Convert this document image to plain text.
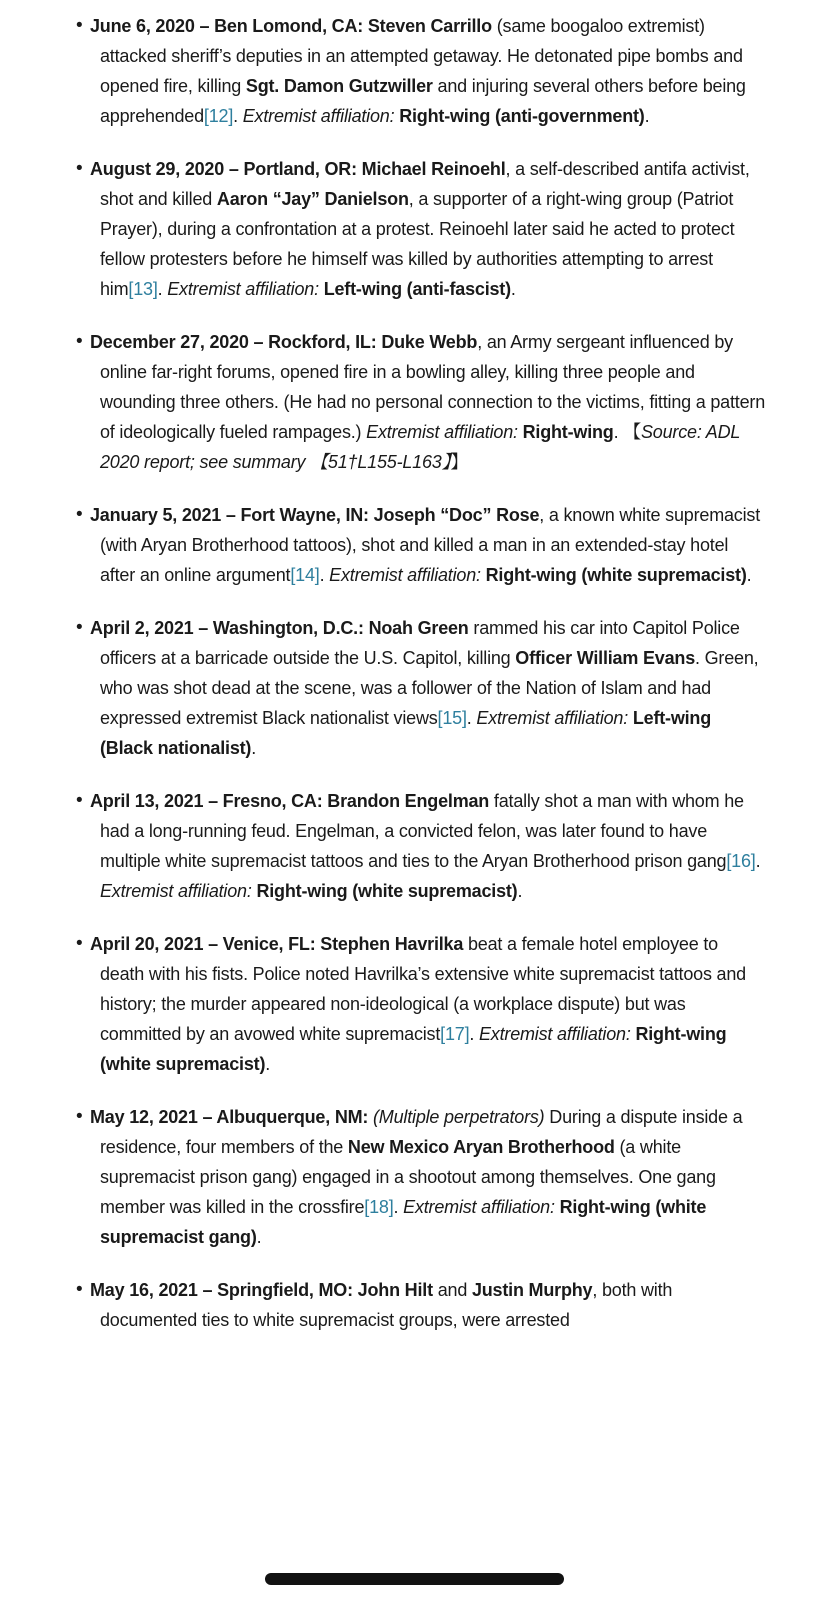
• June 6, 2020 – Ben Lomond, CA: Steven Carrillo (same boogaloo extremist) attacked sheriff’s deputies in an attempted getaway. He detonated pipe bombs and opened fire, killing Sgt. Damon Gutzwiller and injuring several others before being apprehended[12]. Extremist affiliation: Right-wing (anti-government).
• August 29, 2020 – Portland, OR: Michael Reinoehl, a self-described antifa activist, shot and killed Aaron “Jay” Danielson, a supporter of a right-wing group (Patriot Prayer), during a confrontation at a protest. Reinoehl later said he acted to protect fellow protesters before he himself was killed by authorities attempting to arrest him[13]. Extremist affiliation: Left-wing (anti-fascist).
• December 27, 2020 – Rockford, IL: Duke Webb, an Army sergeant influenced by online far-right forums, opened fire in a bowling alley, killing three people and wounding three others. (He had no personal connection to the victims, fitting a pattern of ideologically fueled rampages.) Extremist affiliation: Right-wing. 【Source: ADL 2020 report; see summary 【51†L155-L163】】
• January 5, 2021 – Fort Wayne, IN: Joseph “Doc” Rose, a known white supremacist (with Aryan Brotherhood tattoos), shot and killed a man in an extended-stay hotel after an online argument[14]. Extremist affiliation: Right-wing (white supremacist).
• April 2, 2021 – Washington, D.C.: Noah Green rammed his car into Capitol Police officers at a barricade outside the U.S. Capitol, killing Officer William Evans. Green, who was shot dead at the scene, was a follower of the Nation of Islam and had expressed extremist Black nationalist views[15]. Extremist affiliation: Left-wing (Black nationalist).
• April 13, 2021 – Fresno, CA: Brandon Engelman fatally shot a man with whom he had a long-running feud. Engelman, a convicted felon, was later found to have multiple white supremacist tattoos and ties to the Aryan Brotherhood prison gang[16]. Extremist affiliation: Right-wing (white supremacist).
• April 20, 2021 – Venice, FL: Stephen Havrilka beat a female hotel employee to death with his fists. Police noted Havrilka’s extensive white supremacist tattoos and history; the murder appeared non-ideological (a workplace dispute) but was committed by an avowed white supremacist[17]. Extremist affiliation: Right-wing (white supremacist).
• May 12, 2021 – Albuquerque, NM: (Multiple perpetrators) During a dispute inside a residence, four members of the New Mexico Aryan Brotherhood (a white supremacist prison gang) engaged in a shootout among themselves. One gang member was killed in the crossfire[18]. Extremist affiliation: Right-wing (white supremacist gang).
• May 16, 2021 – Springfield, MO: John Hilt and Justin Murphy, both with documented ties to white supremacist groups, were arrested
